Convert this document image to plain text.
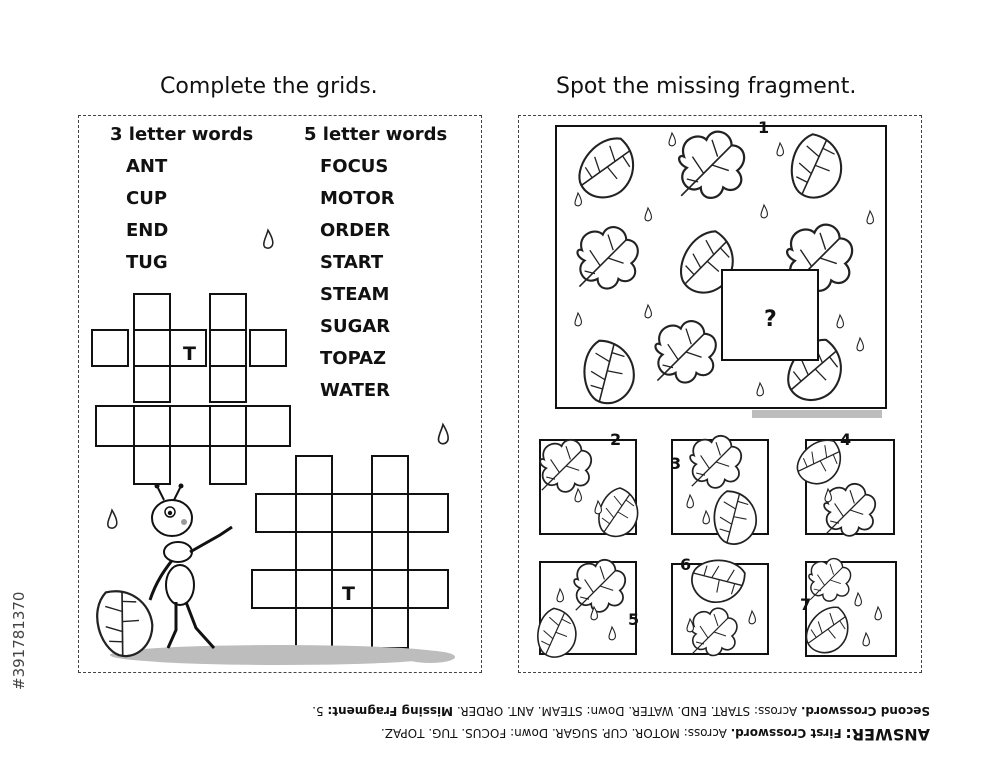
Complete the grids.	Spot the missing fragment.
3 letter words
ANT
CUP
END
TUG
5 letter words
FOCUS
MOTOR
ORDER
START
STEAM
SUGAR
TOPAZ
WATER
T
T
1
?
2
3
4
5
6
7
ANSWER: First Crossword. Across: MOTOR. CUP. SUGAR. Down: FOCUS. TUG. TOPAZ.
Second Crossword. Across: START. END. WATER. Down: STEAM. ANT. ORDER. Missing Fragment: 5.
#391781370
